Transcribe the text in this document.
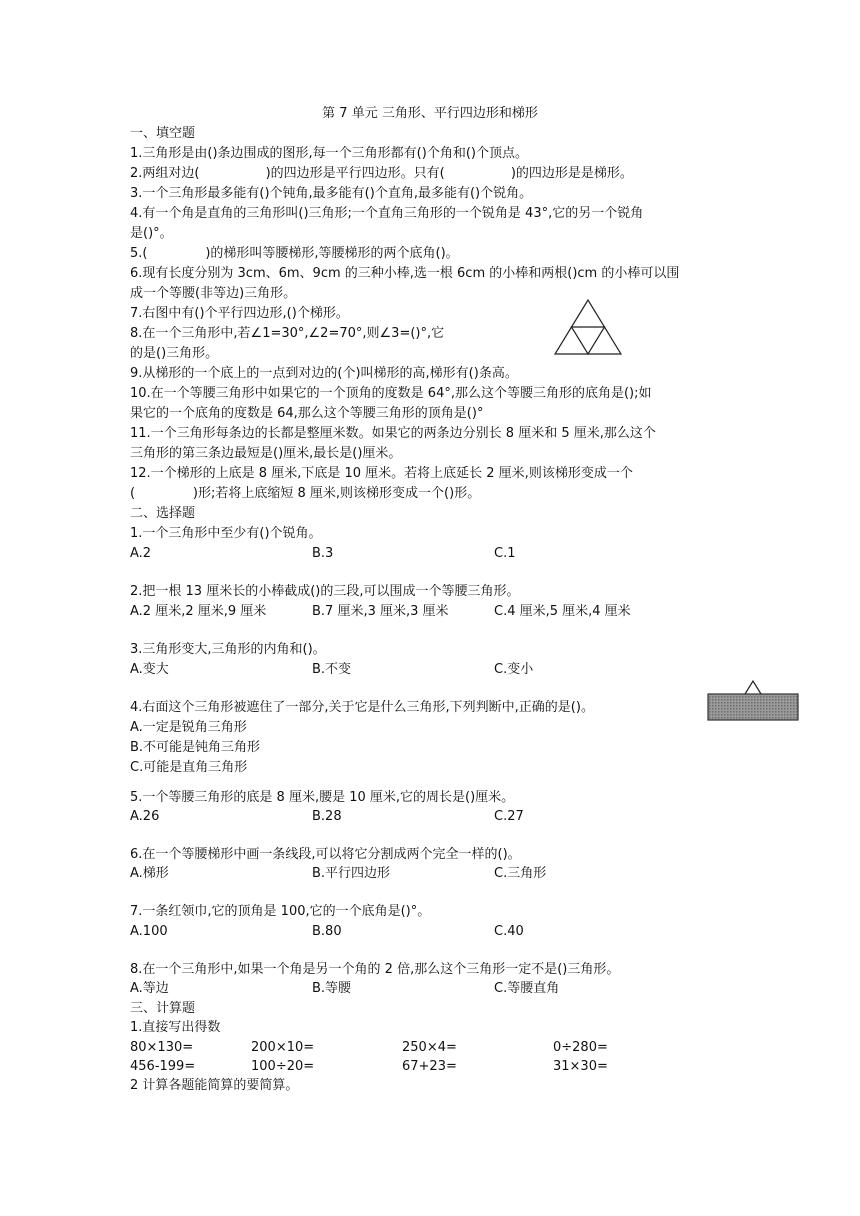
第 7 单元 三角形、平行四边形和梯形
一、填空题
1.三角形是由()条边围成的图形,每一个三角形都有()个角和()个顶点。
2.两组对边(                )的四边形是平行四边形。只有(                )的四边形是是梯形。
3.一个三角形最多能有()个钝角,最多能有()个直角,最多能有()个锐角。
4.有一个角是直角的三角形叫()三角形;一个直角三角形的一个锐角是 43°,它的另一个锐角
是()°。
5.(              )的梯形叫等腰梯形,等腰梯形的两个底角()。
6.现有长度分别为 3cm、6m、9cm 的三种小棒,选一根 6cm 的小棒和两根()cm 的小棒可以围
成一个等腰(非等边)三角形。
7.右图中有()个平行四边形,()个梯形。
8.在一个三角形中,若∠1=30°,∠2=70°,则∠3=()°,它
的是()三角形。
9.从梯形的一个底上的一点到对边的(个)叫梯形的高,梯形有()条高。
10.在一个等腰三角形中如果它的一个顶角的度数是 64°,那么这个等腰三角形的底角是();如
果它的一个底角的度数是 64,那么这个等腰三角形的顶角是()°
11.一个三角形每条边的长都是整厘米数。如果它的两条边分别长 8 厘米和 5 厘米,那么这个
三角形的第三条边最短是()厘米,最长是()厘米。
12.一个梯形的上底是 8 厘米,下底是 10 厘米。若将上底延长 2 厘米,则该梯形变成一个
(              )形;若将上底缩短 8 厘米,则该梯形变成一个()形。
二、选择题
1.一个三角形中至少有()个锐角。
A.2	B.3	C.1
2.把一根 13 厘米长的小棒截成()的三段,可以围成一个等腰三角形。
A.2 厘米,2 厘米,9 厘米	B.7 厘米,3 厘米,3 厘米	C.4 厘米,5 厘米,4 厘米
3.三角形变大,三角形的内角和()。
A.变大	B.不变	C.变小
4.右面这个三角形被遮住了一部分,关于它是什么三角形,下列判断中,正确的是()。
A.一定是锐角三角形
B.不可能是钝角三角形
C.可能是直角三角形
5.一个等腰三角形的底是 8 厘米,腰是 10 厘米,它的周长是()厘米。
A.26	B.28	C.27
6.在一个等腰梯形中画一条线段,可以将它分割成两个完全一样的()。
A.梯形	B.平行四边形	C.三角形
7.一条红领巾,它的顶角是 100,它的一个底角是()°。
A.100	B.80	C.40
8.在一个三角形中,如果一个角是另一个角的 2 倍,那么这个三角形一定不是()三角形。
A.等边	B.等腰	C.等腰直角
三、计算题
1.直接写出得数
80×130=	200×10=	250×4=	0÷280=
456-199=	100÷20=	67+23=	31×30=
2 计算各题能简算的要简算。
